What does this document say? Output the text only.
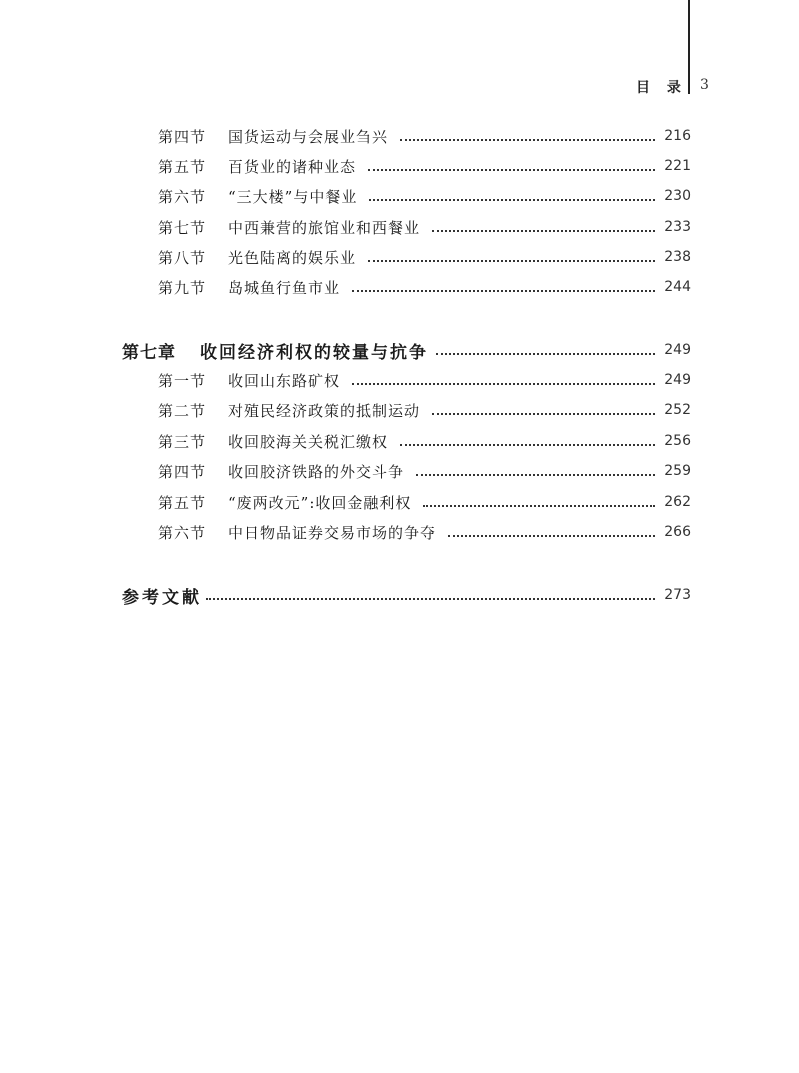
目 录 3
第四节	国货运动与会展业刍兴	216
第五节	百货业的诸种业态	221
第六节	“三大楼”与中餐业	230
第七节	中西兼营的旅馆业和西餐业	233
第八节	光色陆离的娱乐业	238
第九节	岛城鱼行鱼市业	244
第七章	收回经济利权的较量与抗争	249
第一节	收回山东路矿权	249
第二节	对殖民经济政策的抵制运动	252
第三节	收回胶海关关税汇缴权	256
第四节	收回胶济铁路的外交斗争	259
第五节	“废两改元”:收回金融利权	262
第六节	中日物品证券交易市场的争夺	266
参考文献	273
